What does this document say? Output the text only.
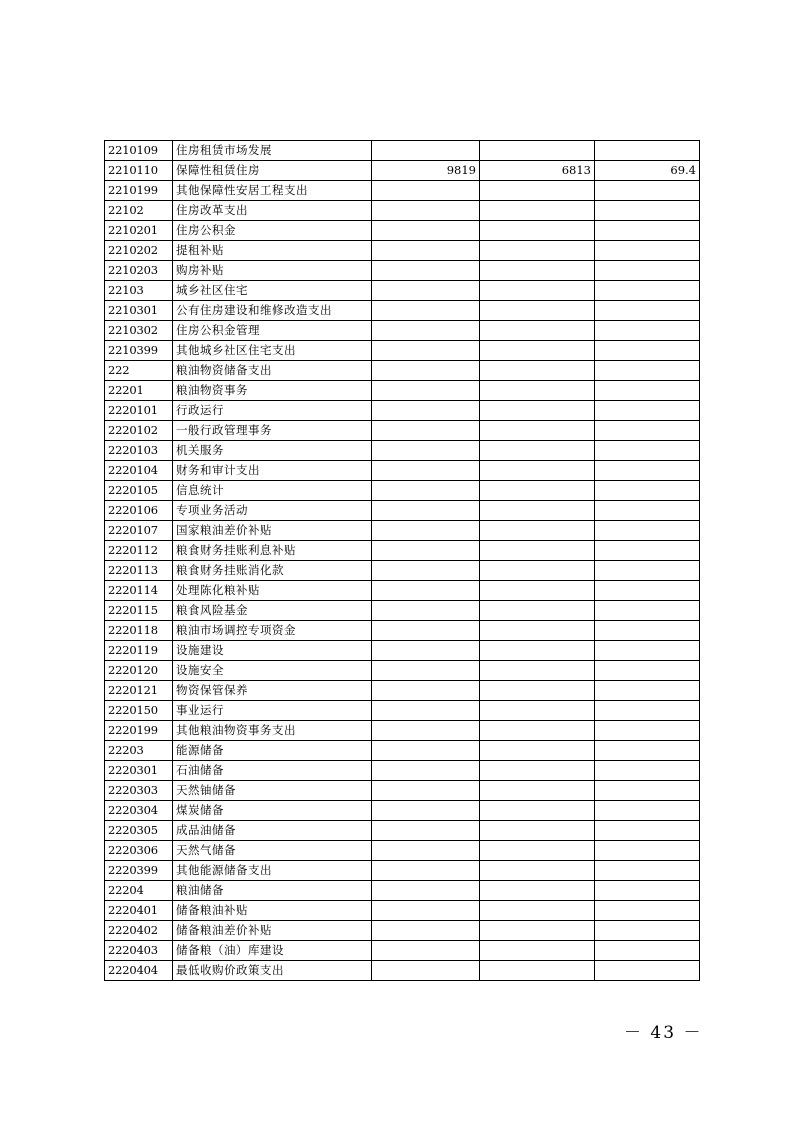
2210109	住房租赁市场发展			
2210110	保障性租赁住房	9819	6813	69.4
2210199	其他保障性安居工程支出			
22102	住房改革支出			
2210201	住房公积金			
2210202	提租补贴			
2210203	购房补贴			
22103	城乡社区住宅			
2210301	公有住房建设和维修改造支出			
2210302	住房公积金管理			
2210399	其他城乡社区住宅支出			
222	粮油物资储备支出			
22201	粮油物资事务			
2220101	行政运行			
2220102	一般行政管理事务			
2220103	机关服务			
2220104	财务和审计支出			
2220105	信息统计			
2220106	专项业务活动			
2220107	国家粮油差价补贴			
2220112	粮食财务挂账利息补贴			
2220113	粮食财务挂账消化款			
2220114	处理陈化粮补贴			
2220115	粮食风险基金			
2220118	粮油市场调控专项资金			
2220119	设施建设			
2220120	设施安全			
2220121	物资保管保养			
2220150	事业运行			
2220199	其他粮油物资事务支出			
22203	能源储备			
2220301	石油储备			
2220303	天然铀储备			
2220304	煤炭储备			
2220305	成品油储备			
2220306	天然气储备			
2220399	其他能源储备支出			
22204	粮油储备			
2220401	储备粮油补贴			
2220402	储备粮油差价补贴			
2220403	储备粮（油）库建设			
2220404	最低收购价政策支出			
－ 43 －
